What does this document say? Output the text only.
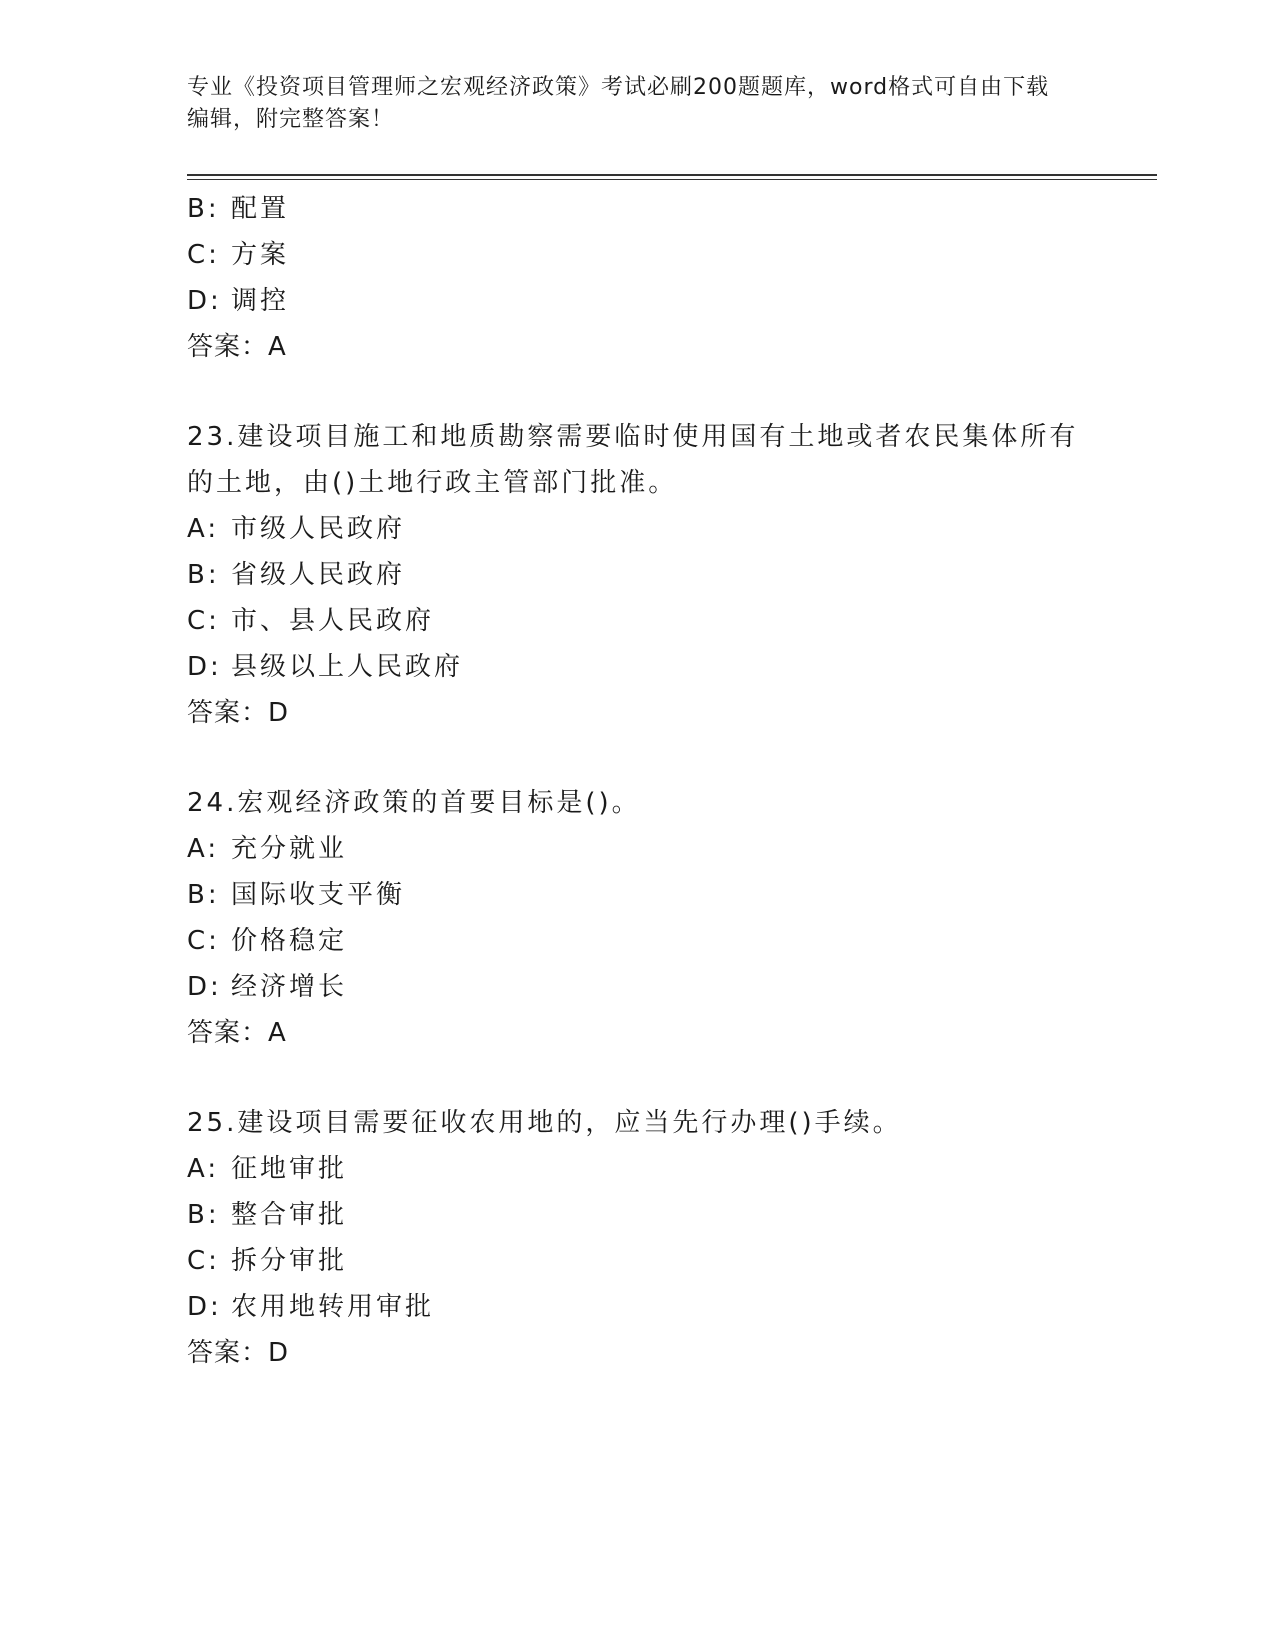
专业《投资项目管理师之宏观经济政策》考试必刷200题题库，word格式可自由下载编辑，附完整答案！

B: 配置
C: 方案
D: 调控
答案：A
23.建设项目施工和地质勘察需要临时使用国有土地或者农民集体所有的土地，由()土地行政主管部门批准。
A: 市级人民政府
B: 省级人民政府
C: 市、县人民政府
D: 县级以上人民政府
答案：D
24.宏观经济政策的首要目标是()。
A: 充分就业
B: 国际收支平衡
C: 价格稳定
D: 经济增长
答案：A
25.建设项目需要征收农用地的，应当先行办理()手续。
A: 征地审批
B: 整合审批
C: 拆分审批
D: 农用地转用审批
答案：D
